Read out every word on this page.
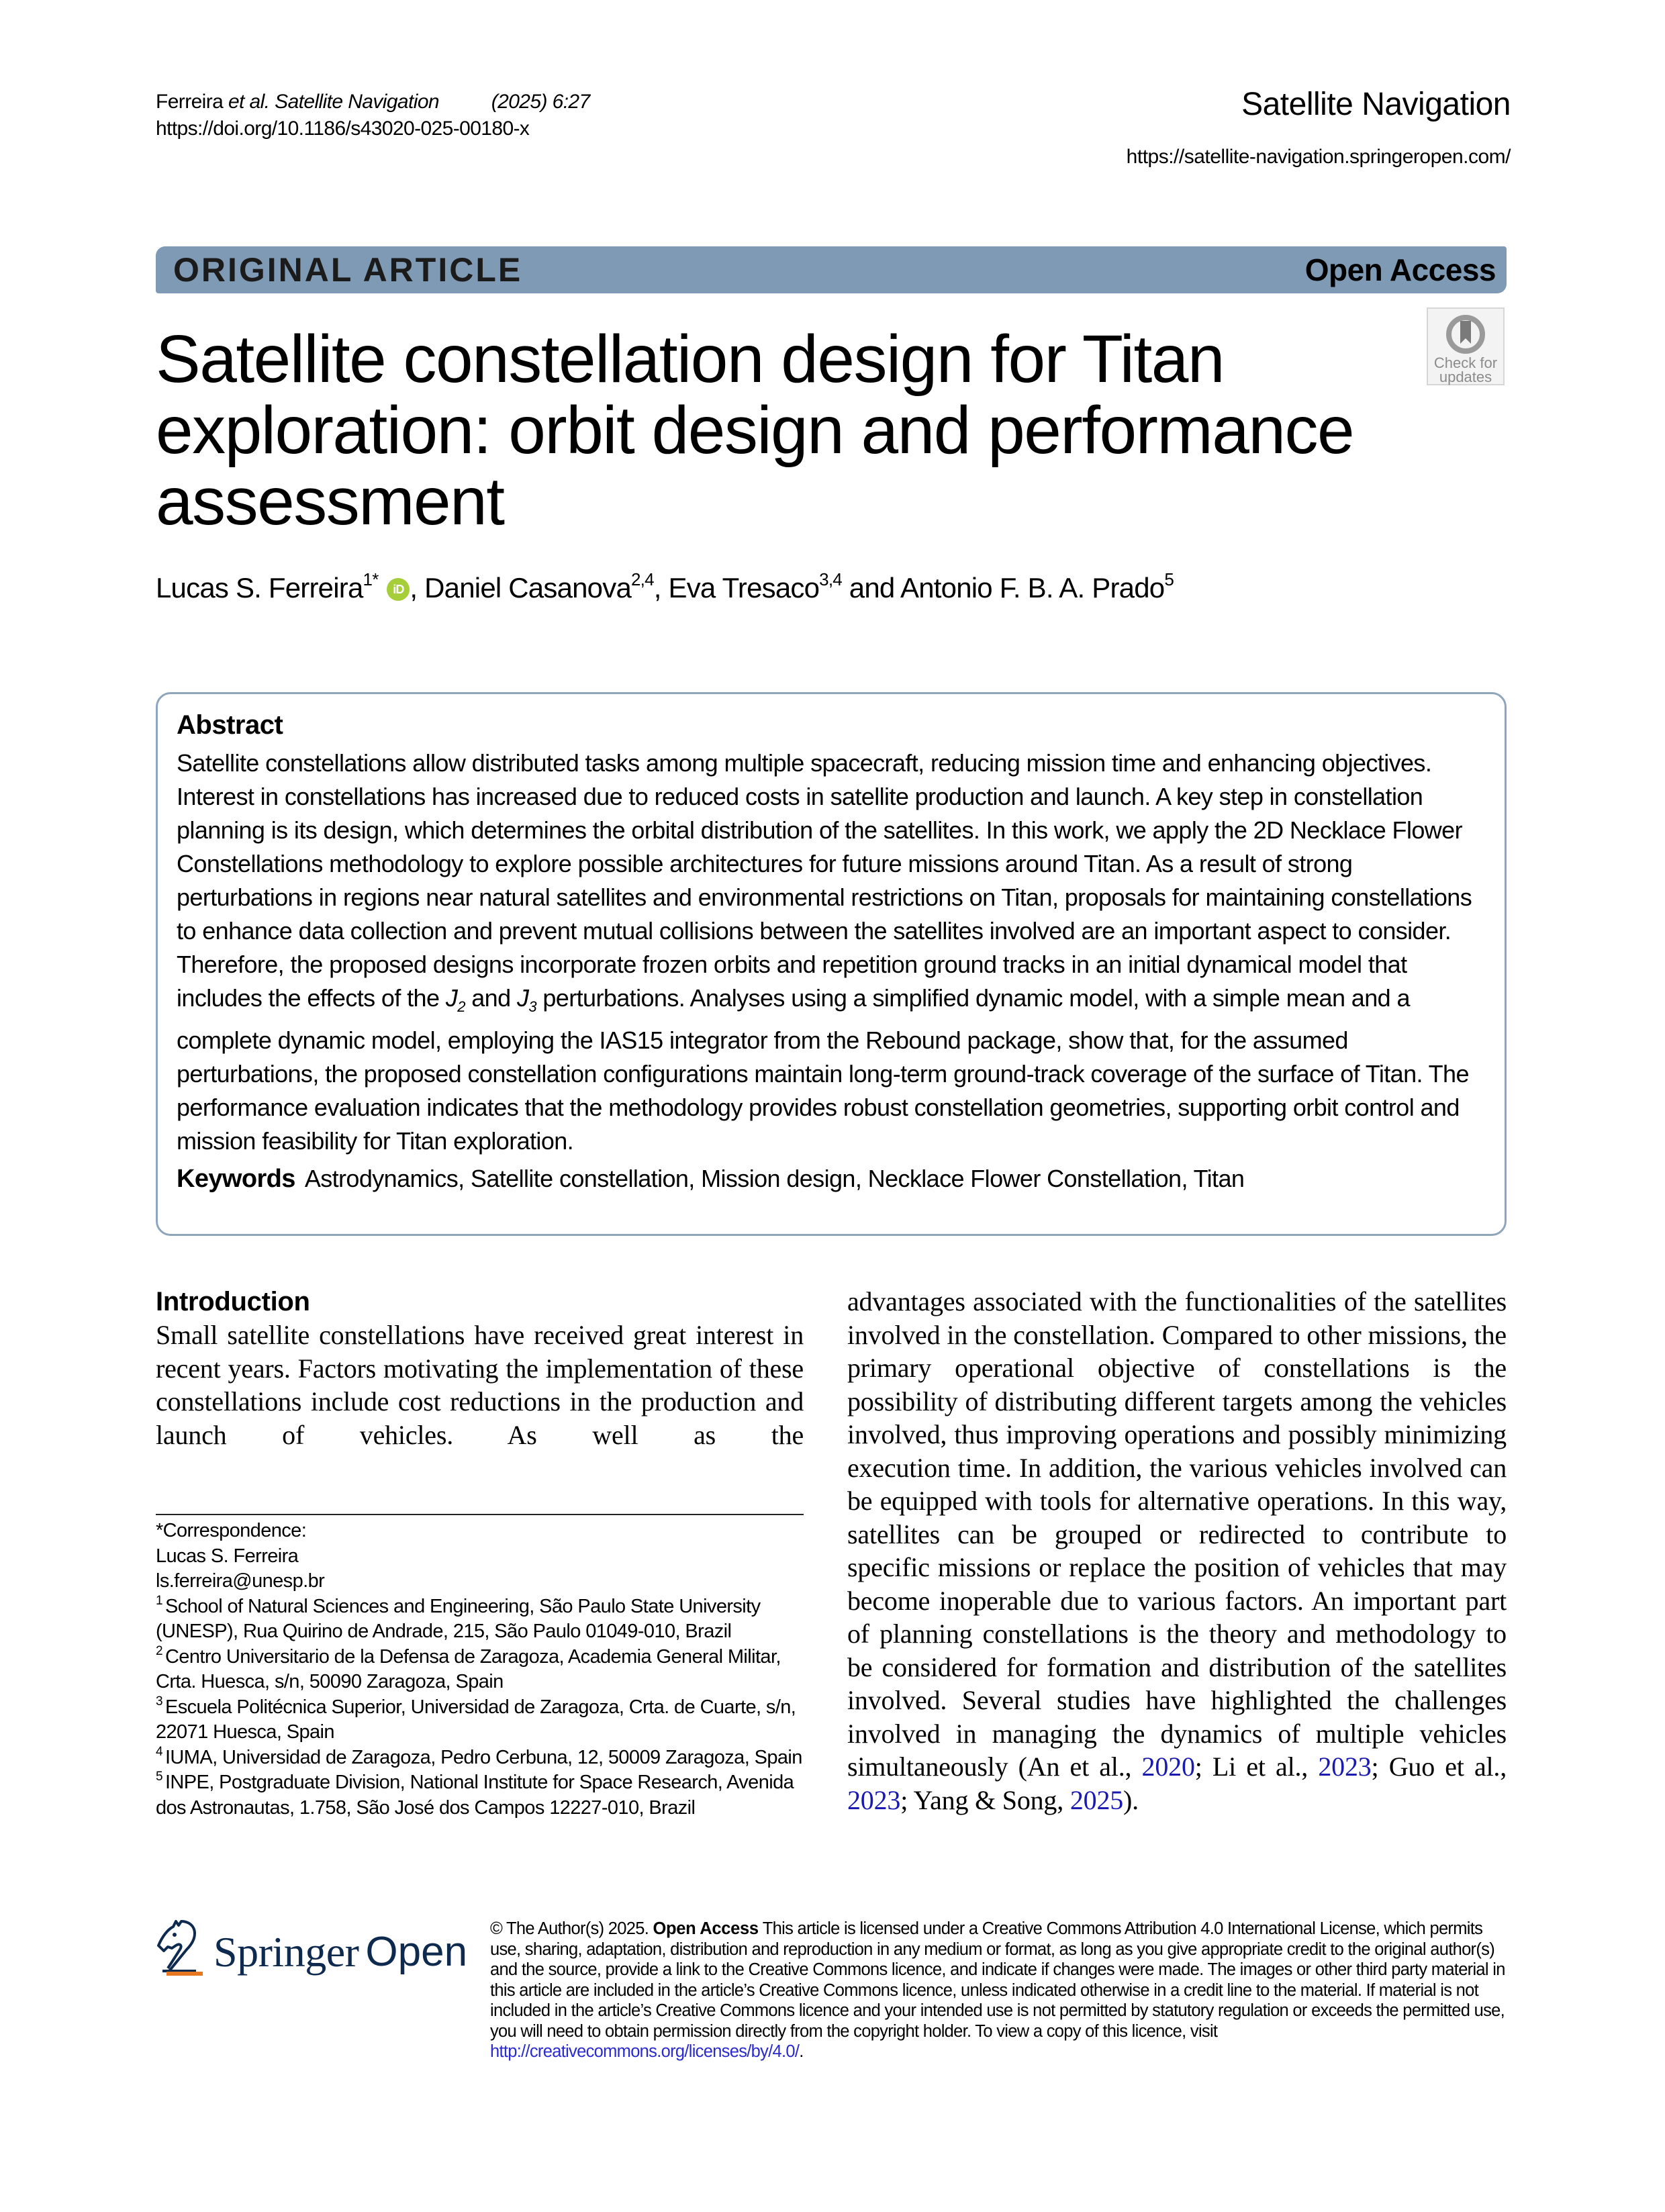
Ferreira et al. Satellite Navigation	(2025) 6:27
https://doi.org/10.1186/s43020-025-00180-x
Satellite Navigation
https://satellite-navigation.springeropen.com/
ORIGINAL ARTICLE	Open Access
Check for
updates
Satellite constellation design for Titan
exploration: orbit design and performance
assessment
Lucas S. Ferreira$^{1*}$ iD , Daniel Casanova$^{2,4}$, Eva Tresaco$^{3,4}$ and Antonio F. B. A. Prado$^5$
Abstract
Satellite constellations allow distributed tasks among multiple spacecraft, reducing mission time and enhancing objectives. Interest in constellations has increased due to reduced costs in satellite production and launch. A key step in constellation planning is its design, which determines the orbital distribution of the satellites. In this work, we apply the 2D Necklace Flower Constellations methodology to explore possible architectures for future missions around Titan. As a result of strong perturbations in regions near natural satellites and environmental restrictions on Titan, proposals for maintaining constellations to enhance data collection and prevent mutual collisions between the satellites involved are an important aspect to consider. Therefore, the proposed designs incorporate frozen orbits and repetition ground tracks in an initial dynamical model that includes the effects of the $J_2$ and $J_3$ perturbations. Analyses using a simplified dynamic model, with a simple mean and a complete dynamic model, employing the IAS15 integrator from the Rebound package, show that, for the assumed perturbations, the proposed constellation configurations maintain long-term ground-track coverage of the surface of Titan. The performance evaluation indicates that the methodology provides robust constellation geometries, supporting orbit control and mission feasibility for Titan exploration.
Keywords Astrodynamics, Satellite constellation, Mission design, Necklace Flower Constellation, Titan
Introduction

Small satellite constellations have received great interest in recent years. Factors motivating the implementation of these constellations include cost reductions in the production and launch of vehicles. As well as the

advantages associated with the functionalities of the satellites involved in the constellation. Compared to other missions, the primary operational objective of constellations is the possibility of distributing different targets among the vehicles involved, thus improving operations and possibly minimizing execution time. In addition, the various vehicles involved can be equipped with tools for alternative operations. In this way, satellites can be grouped or redirected to contribute to specific missions or replace the position of vehicles that may become inoperable due to various factors. An important part of planning constellations is the theory and methodology to be considered for formation and distribution of the satellites involved. Several studies have highlighted the challenges involved in managing the dynamics of multiple vehicles simultaneously (An et al., 2020; Li et al., 2023; Guo et al., 2023; Yang & Song, 2025).

*Correspondence:
Lucas S. Ferreira
ls.ferreira@unesp.br
$^1$ School of Natural Sciences and Engineering, São Paulo State University (UNESP), Rua Quirino de Andrade, 215, São Paulo 01049-010, Brazil
$^2$ Centro Universitario de la Defensa de Zaragoza, Academia General Militar, Crta. Huesca, s/n, 50090 Zaragoza, Spain
$^3$ Escuela Politécnica Superior, Universidad de Zaragoza, Crta. de Cuarte, s/n, 22071 Huesca, Spain
$^4$ IUMA, Universidad de Zaragoza, Pedro Cerbuna, 12, 50009 Zaragoza, Spain
$^5$ INPE, Postgraduate Division, National Institute for Space Research, Avenida dos Astronautas, 1.758, São José dos Campos 12227-010, Brazil
Springer Open © The Author(s) 2025. Open Access This article is licensed under a Creative Commons Attribution 4.0 International License, which permits use, sharing, adaptation, distribution and reproduction in any medium or format, as long as you give appropriate credit to the original author(s) and the source, provide a link to the Creative Commons licence, and indicate if changes were made. The images or other third party material in this article are included in the article’s Creative Commons licence, unless indicated otherwise in a credit line to the material. If material is not included in the article’s Creative Commons licence and your intended use is not permitted by statutory regulation or exceeds the permitted use, you will need to obtain permission directly from the copyright holder. To view a copy of this licence, visit http://creativecommons.org/licenses/by/4.0/.
